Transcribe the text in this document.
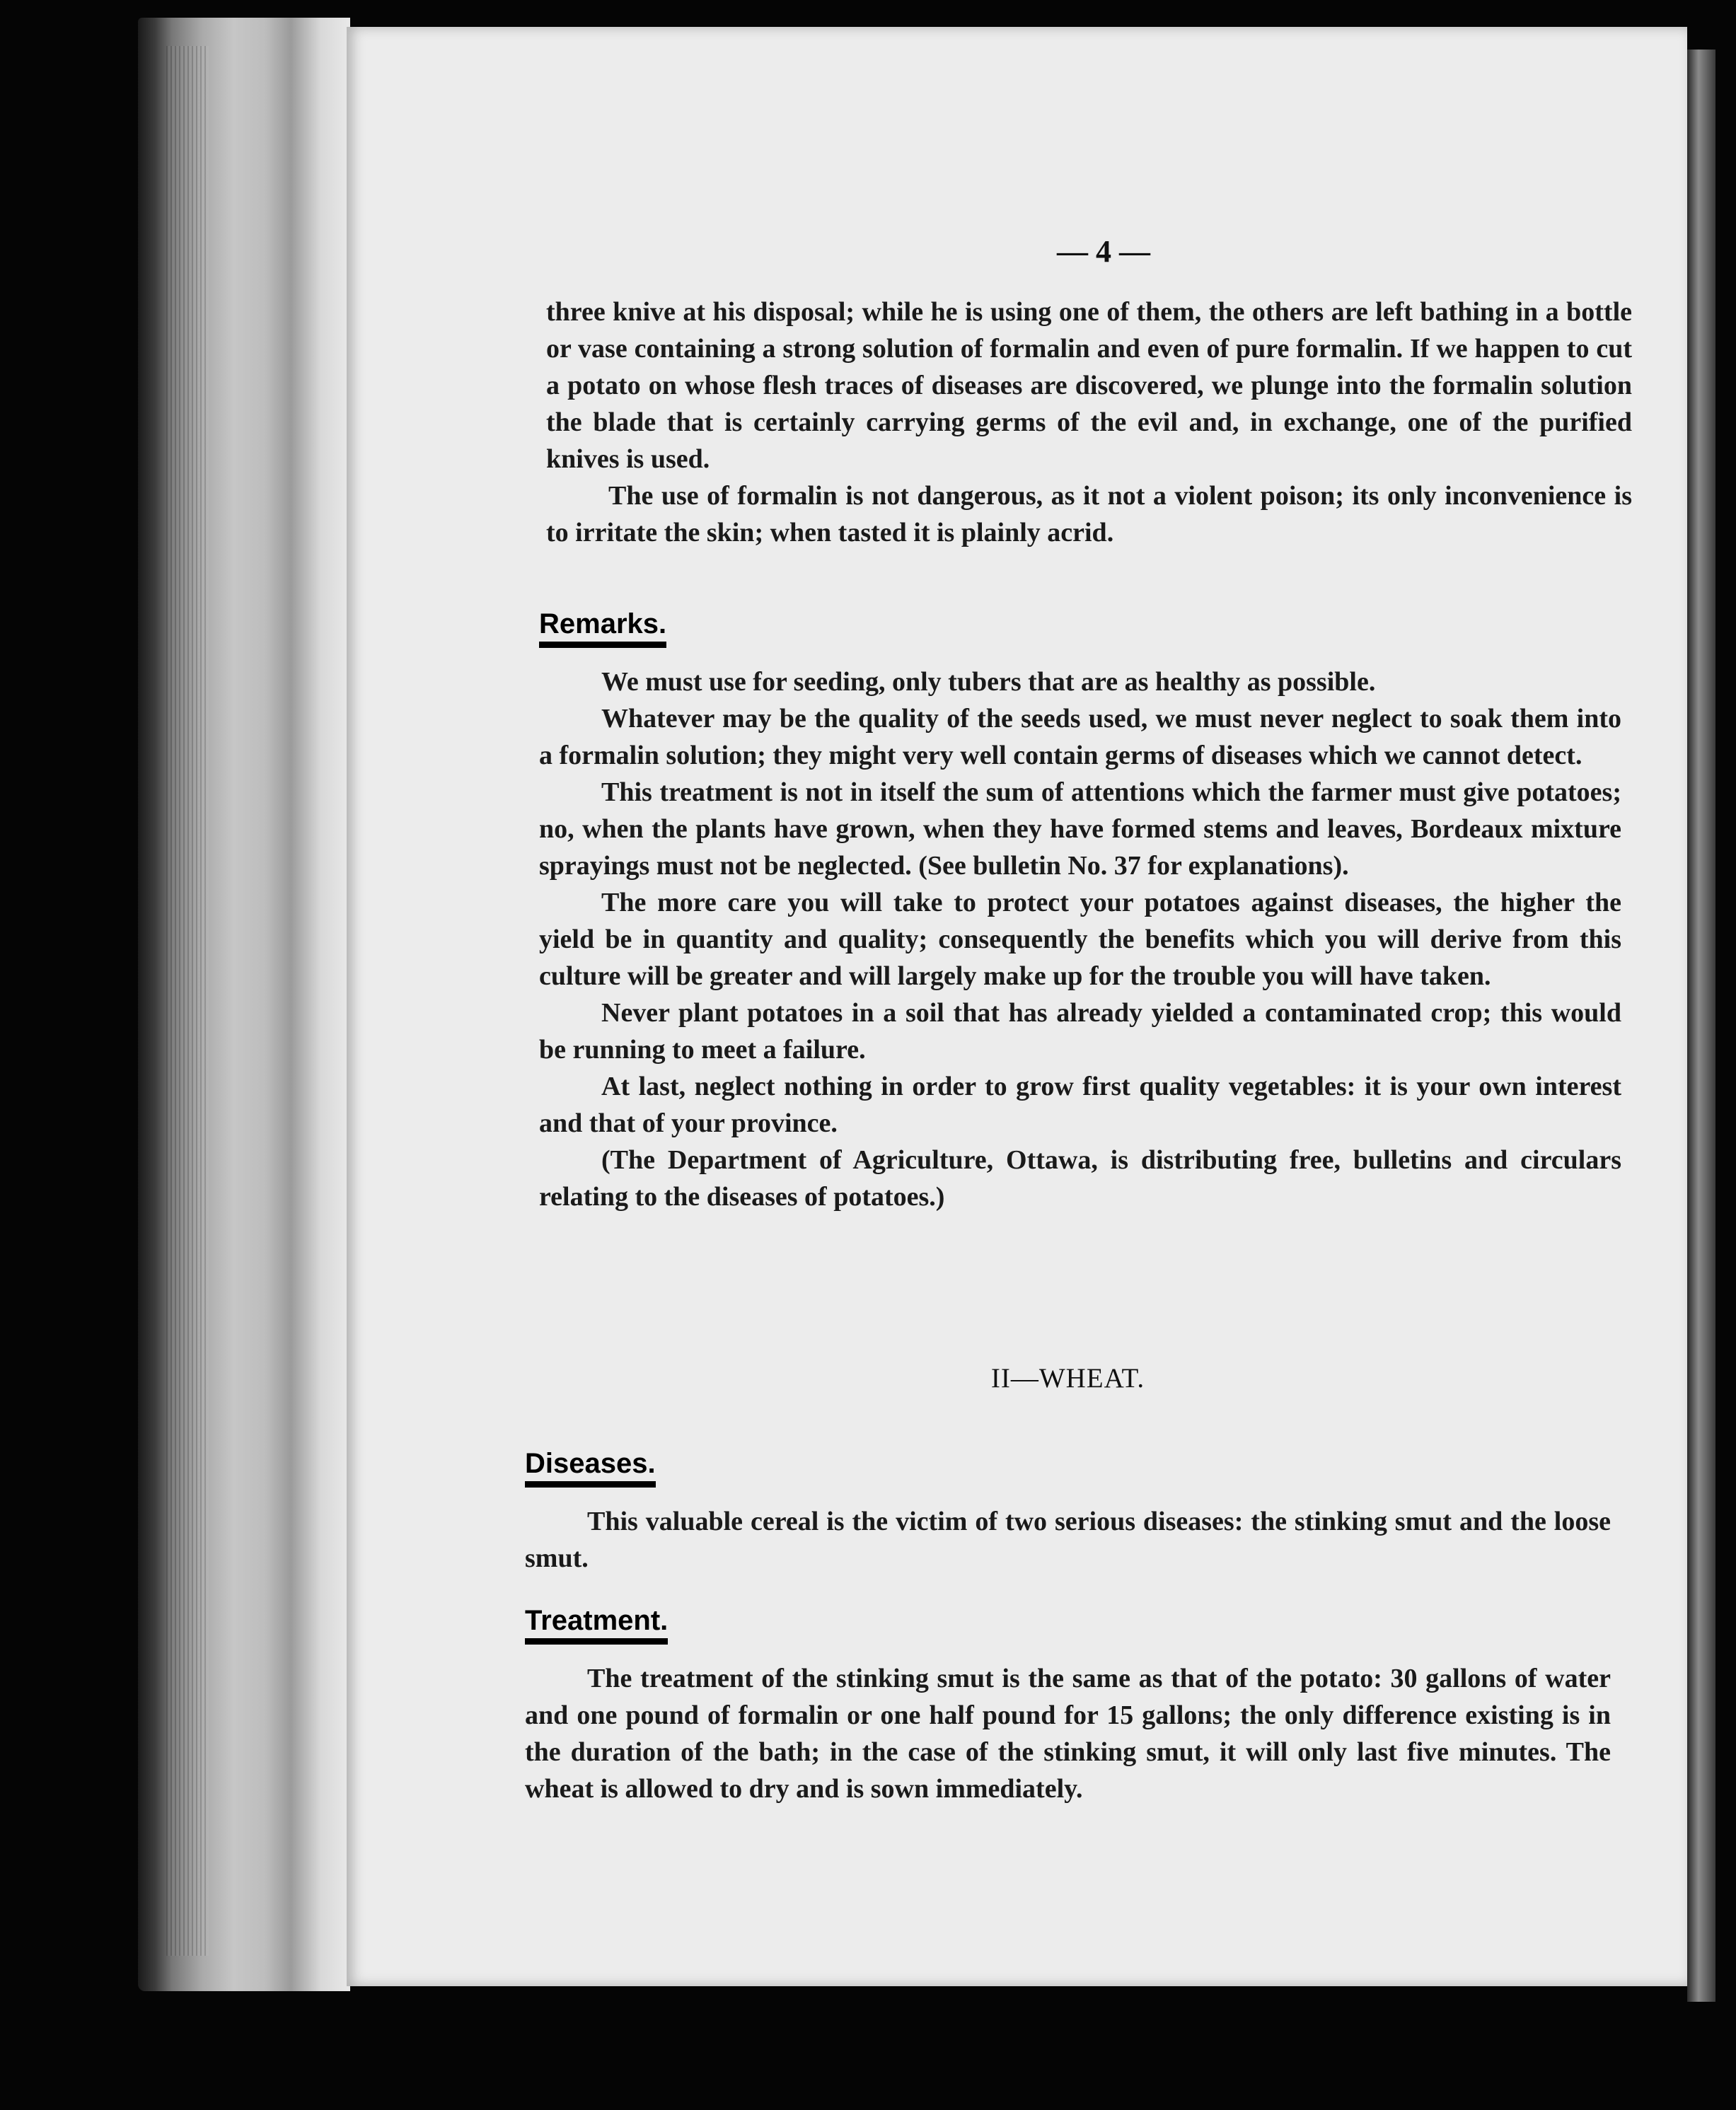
— 4 —

three knive at his disposal; while he is using one of them, the others are left bathing in a bottle or vase containing a strong solution of formalin and even of pure formalin. If we happen to cut a potato on whose flesh traces of diseases are discovered, we plunge into the formalin solution the blade that is certainly carrying germs of the evil and, in exchange, one of the purified knives is used.

The use of formalin is not dangerous, as it not a violent poison; its only inconvenience is to irritate the skin; when tasted it is plainly acrid.

Remarks.

We must use for seeding, only tubers that are as healthy as possible.

Whatever may be the quality of the seeds used, we must never neglect to soak them into a formalin solution; they might very well contain germs of diseases which we cannot detect.

This treatment is not in itself the sum of attentions which the farmer must give potatoes; no, when the plants have grown, when they have formed stems and leaves, Bordeaux mixture sprayings must not be neglected. (See bulletin No. 37 for explanations).

The more care you will take to protect your potatoes against diseases, the higher the yield be in quantity and quality; consequently the benefits which you will derive from this culture will be greater and will largely make up for the trouble you will have taken.

Never plant potatoes in a soil that has already yielded a contaminated crop; this would be running to meet a failure.

At last, neglect nothing in order to grow first quality vegetables: it is your own interest and that of your province.

(The Department of Agriculture, Ottawa, is distributing free, bulletins and circulars relating to the diseases of potatoes.)

II—WHEAT.
Diseases.

This valuable cereal is the victim of two serious diseases: the stinking smut and the loose smut.

Treatment.

The treatment of the stinking smut is the same as that of the potato: 30 gallons of water and one pound of formalin or one half pound for 15 gallons; the only difference existing is in the duration of the bath; in the case of the stinking smut, it will only last five minutes. The wheat is allowed to dry and is sown immediately.
